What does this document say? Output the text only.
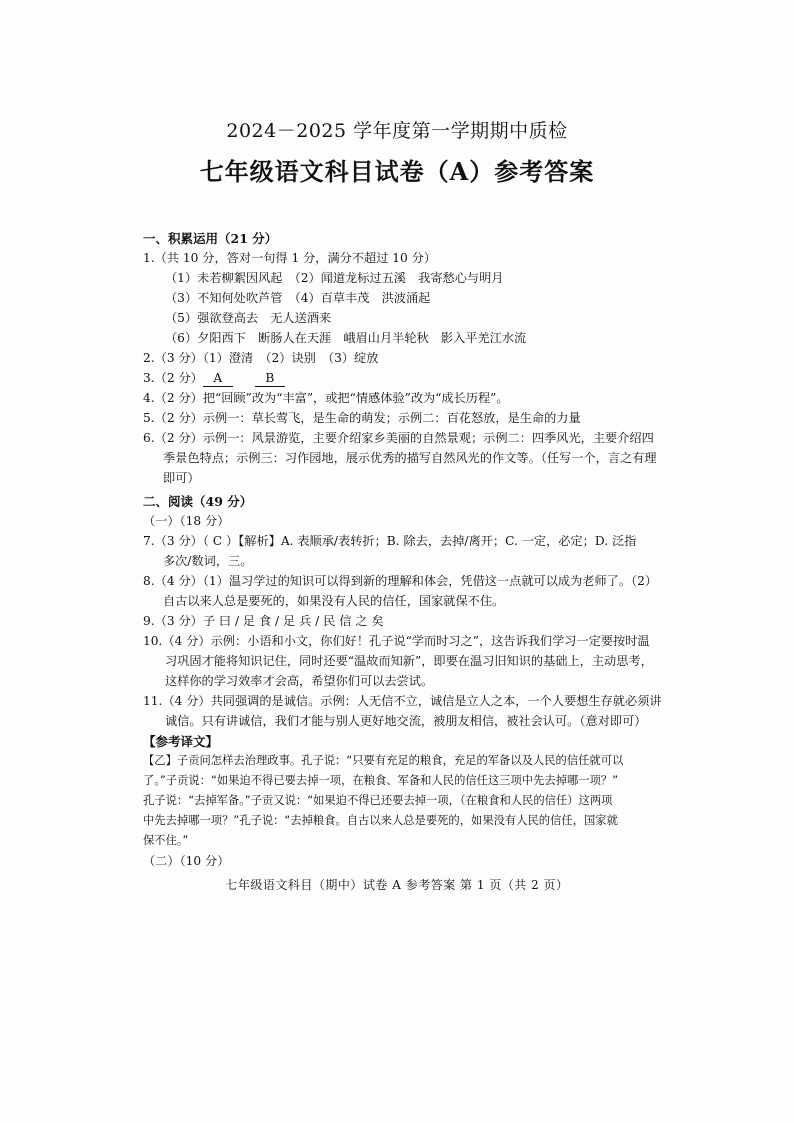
2024－2025 学年度第一学期期中质检
七年级语文科目试卷（A）参考答案
一、积累运用（21 分）
1.（共 10 分，答对一句得 1 分，满分不超过 10 分）
（1）未若柳絮因风起　（2）闻道龙标过五溪　我寄愁心与明月
（3）不知何处吹芦管　（4）百草丰茂　洪波涌起
（5）强欲登高去　无人送酒来
（6）夕阳西下　断肠人在天涯　峨眉山月半轮秋　影入平羌江水流
2.（3 分）（1）澄清　（2）诀别　（3）绽放
3.（2 分） A	B
4.（2 分）把“回顾”改为“丰富”，或把“情感体验”改为“成长历程”。
5.（2 分）示例一：草长莺飞，是生命的萌发；示例二：百花怒放，是生命的力量
6.（2 分）示例一：风景游览，主要介绍家乡美丽的自然景观；示例二：四季风光，主要介绍四
季景色特点；示例三：习作园地，展示优秀的描写自然风光的作文等。（任写一个，言之有理
即可）
二、阅读（49 分）
（一）（18 分）
7.（3 分）（ C ）【解析】A. 表顺承/表转折；B. 除去，去掉/离开；C. 一定，必定；D. 泛指
多次/数词，三。
8.（4 分）（1）温习学过的知识可以得到新的理解和体会，凭借这一点就可以成为老师了。（2）
自古以来人总是要死的，如果没有人民的信任，国家就保不住。
9.（3 分）子 曰 / 足 食 / 足 兵 / 民 信 之 矣
10.（4 分）示例：小语和小文，你们好！孔子说“学而时习之”，这告诉我们学习一定要按时温
习巩固才能将知识记住，同时还要“温故而知新”，即要在温习旧知识的基础上，主动思考，
这样你的学习效率才会高，希望你们可以去尝试。
11.（4 分）共同强调的是诚信。示例：人无信不立，诚信是立人之本，一个人要想生存就必须讲
诚信。只有讲诚信，我们才能与别人更好地交流，被朋友相信，被社会认可。（意对即可）
【参考译文】
【乙】子贡问怎样去治理政事。孔子说：“只要有充足的粮食，充足的军备以及人民的信任就可以
了。”子贡说：“如果迫不得已要去掉一项，在粮食、军备和人民的信任这三项中先去掉哪一项？”
孔子说：“去掉军备。”子贡又说：“如果迫不得已还要去掉一项，（在粮食和人民的信任）这两项
中先去掉哪一项？”孔子说：“去掉粮食。自古以来人总是要死的，如果没有人民的信任，国家就
保不住。”
（二）（10 分）
七年级语文科目（期中）试卷 A 参考答案 第 1 页（共 2 页）
